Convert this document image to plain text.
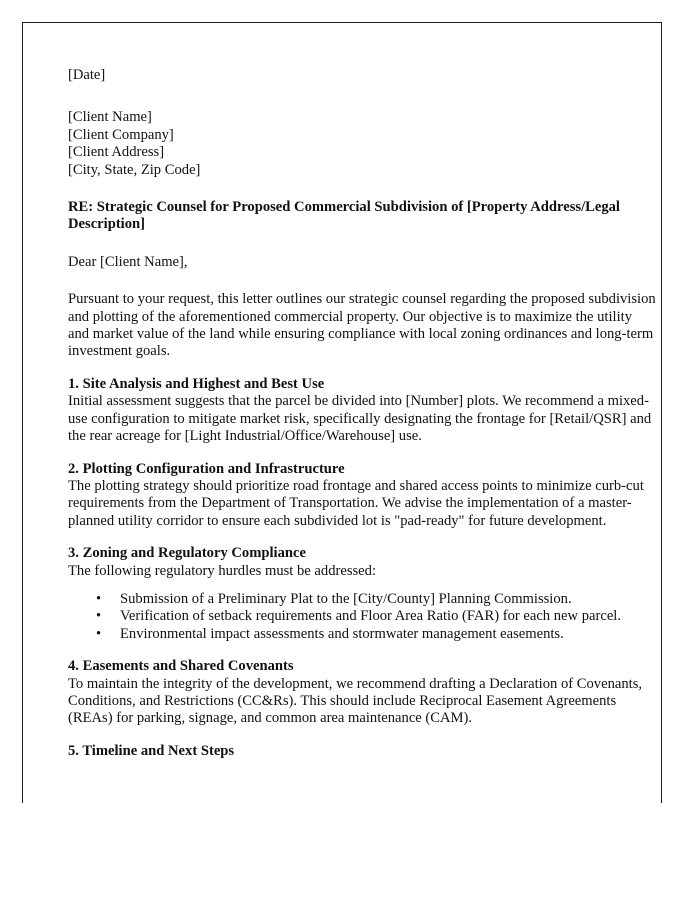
[Date]
[Client Name]
[Client Company]
[Client Address]
[City, State, Zip Code]
RE: Strategic Counsel for Proposed Commercial Subdivision of [Property Address/Legal Description]
Dear [Client Name],

Pursuant to your request, this letter outlines our strategic counsel regarding the proposed subdivision and plotting of the aforementioned commercial property. Our objective is to maximize the utility and market value of the land while ensuring compliance with local zoning ordinances and long-term investment goals.

1. Site Analysis and Highest and Best Use

Initial assessment suggests that the parcel be divided into [Number] plots. We recommend a mixed-use configuration to mitigate market risk, specifically designating the frontage for [Retail/QSR] and the rear acreage for [Light Industrial/Office/Warehouse] use.

2. Plotting Configuration and Infrastructure

The plotting strategy should prioritize road frontage and shared access points to minimize curb-cut requirements from the Department of Transportation. We advise the implementation of a master-planned utility corridor to ensure each subdivided lot is "pad-ready" for future development.

3. Zoning and Regulatory Compliance

The following regulatory hurdles must be addressed:

• Submission of a Preliminary Plat to the [City/County] Planning Commission.
• Verification of setback requirements and Floor Area Ratio (FAR) for each new parcel.
• Environmental impact assessments and stormwater management easements.
4. Easements and Shared Covenants

To maintain the integrity of the development, we recommend drafting a Declaration of Covenants, Conditions, and Restrictions (CC&Rs). This should include Reciprocal Easement Agreements (REAs) for parking, signage, and common area maintenance (CAM).

5. Timeline and Next Steps
